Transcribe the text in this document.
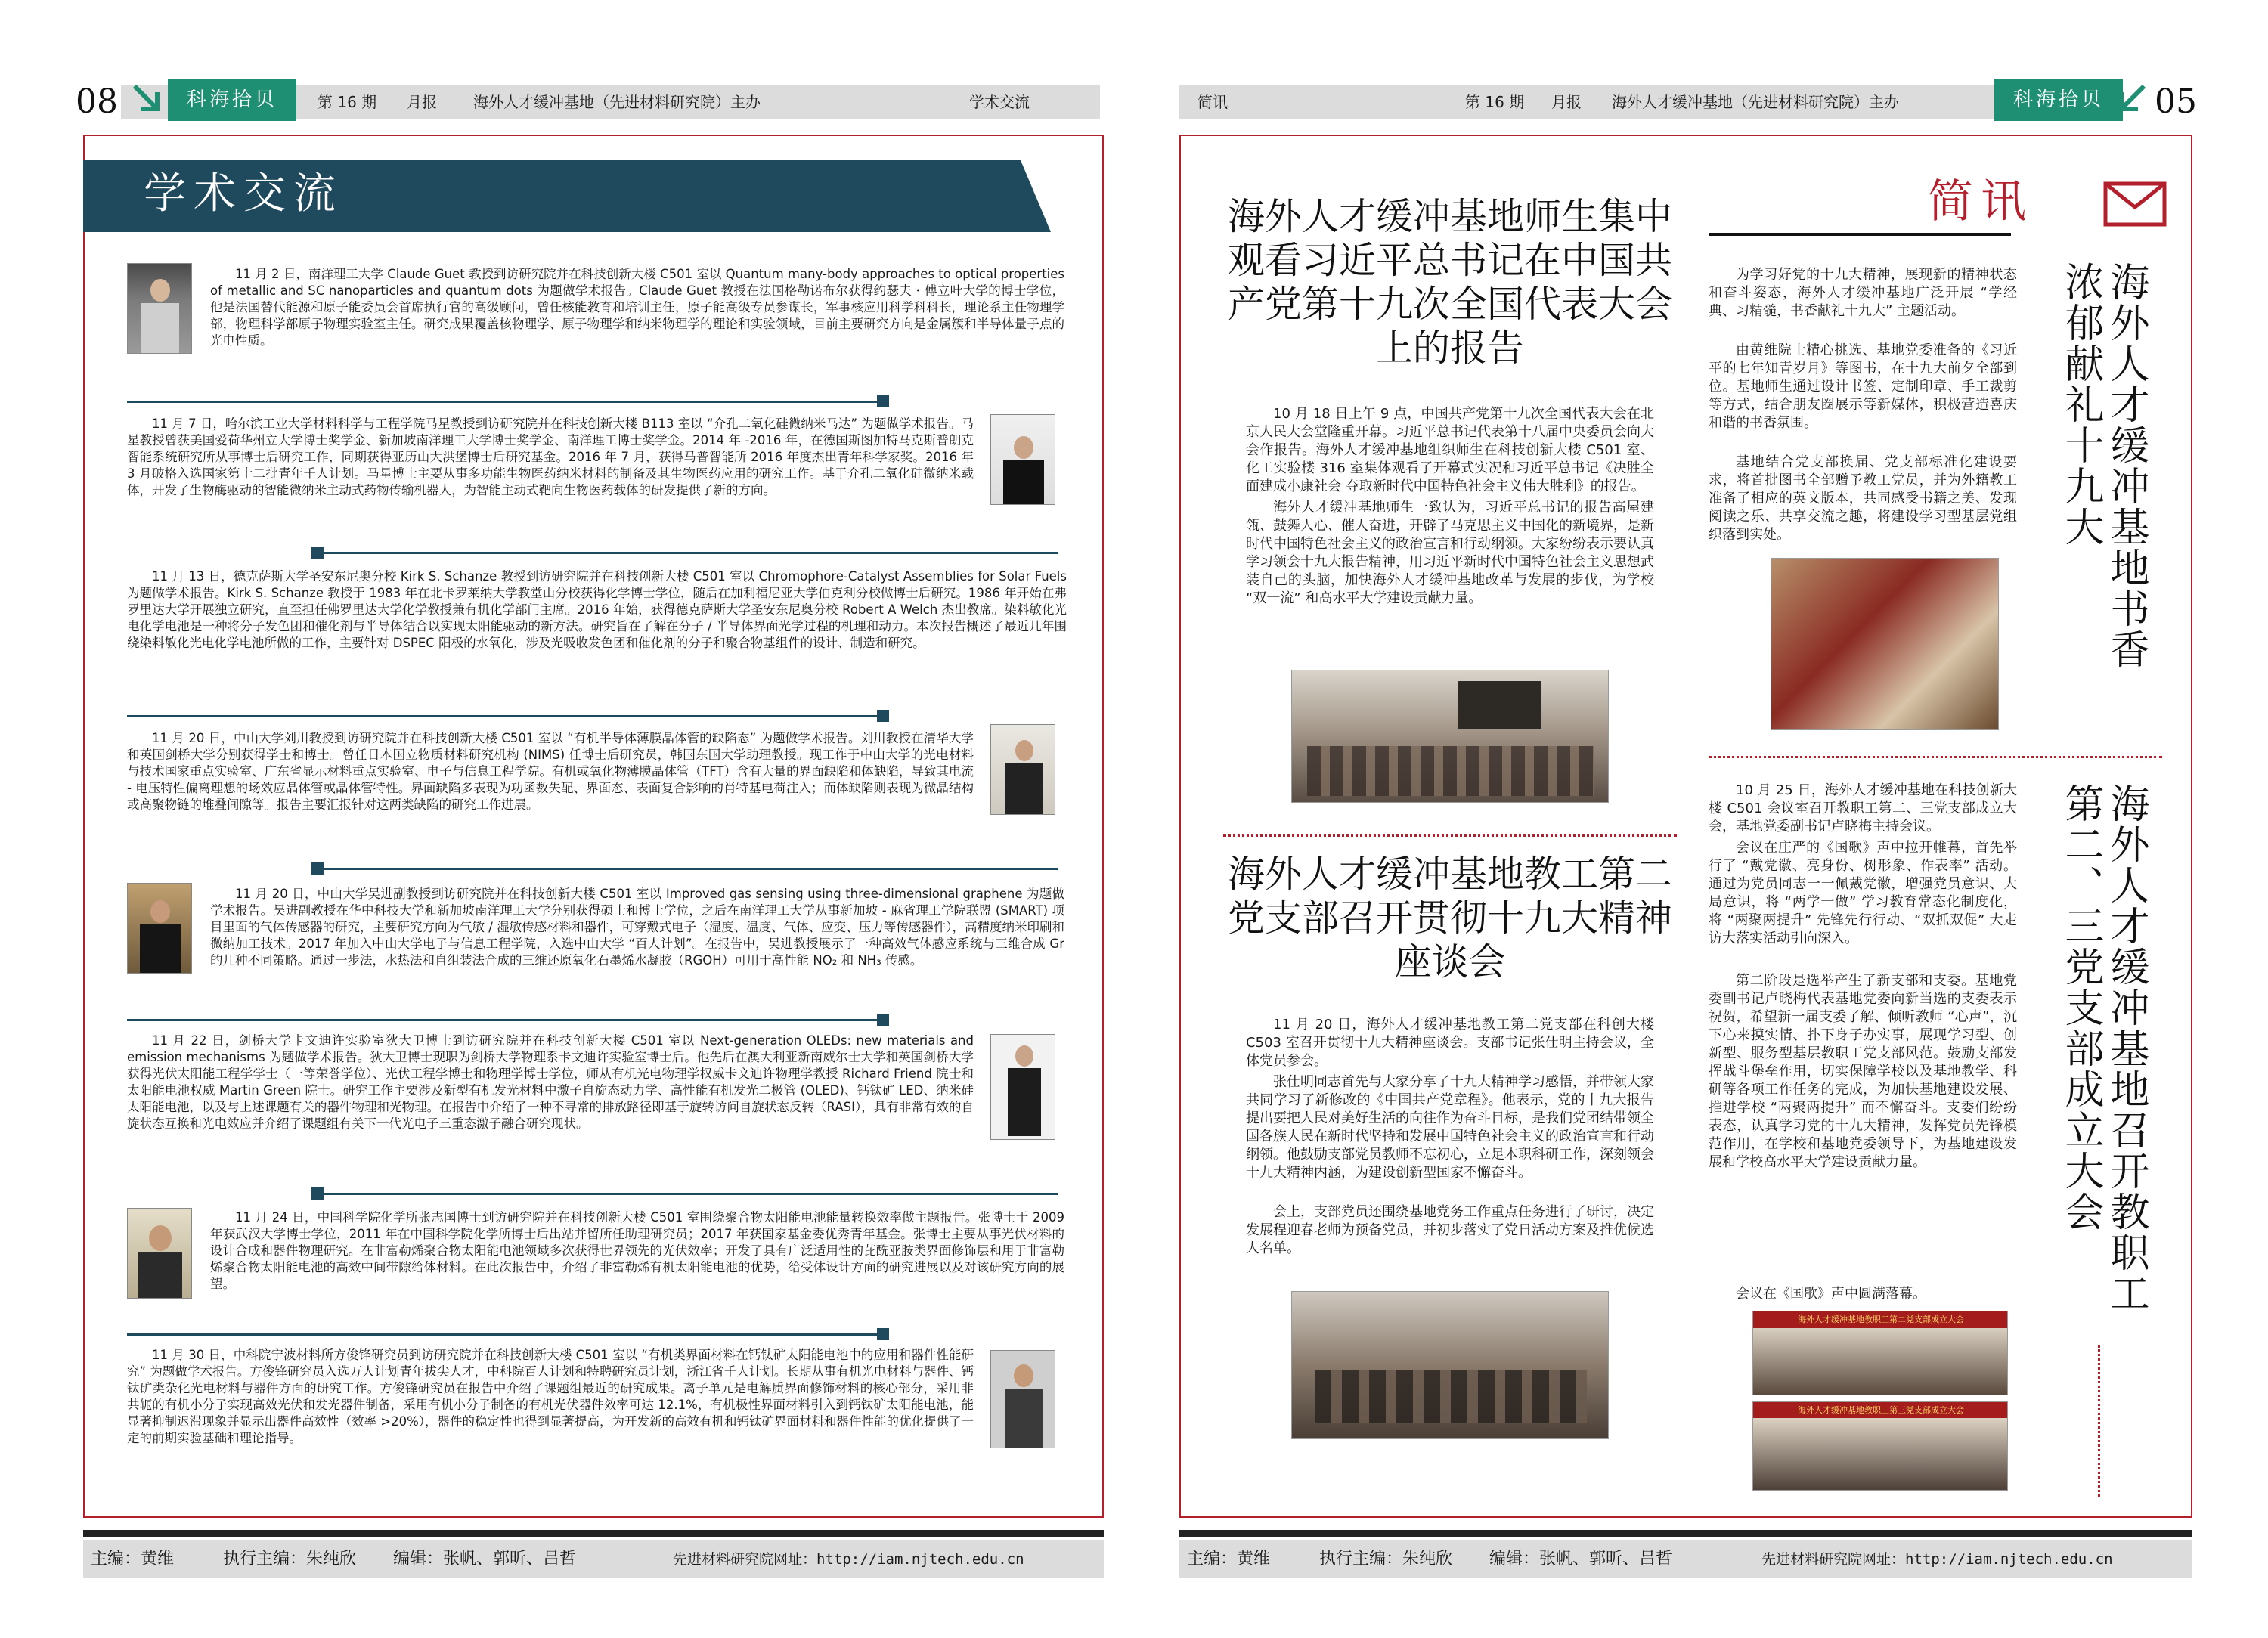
第 16 期 月报 海外人才缓冲基地（先进材料研究院）主办	学术交流
08	科海拾贝
学术交流
11 月 2 日，南洋理工大学 Claude Guet 教授到访研究院并在科技创新大楼 C501 室以 Quantum many-body approaches to optical properties of metallic and SC nanoparticles and quantum dots 为题做学术报告。Claude Guet 教授在法国格勒诺布尔获得约瑟夫・傅立叶大学的博士学位，他是法国替代能源和原子能委员会首席执行官的高级顾问，曾任核能教育和培训主任，原子能高级专员参谋长，军事核应用科学科科长，理论系主任物理学部，物理科学部原子物理实验室主任。研究成果覆盖核物理学、原子物理学和纳米物理学的理论和实验领域，目前主要研究方向是金属簇和半导体量子点的光电性质。
11 月 7 日，哈尔滨工业大学材料科学与工程学院马星教授到访研究院并在科技创新大楼 B113 室以 “介孔二氧化硅微纳米马达” 为题做学术报告。马星教授曾获美国爱荷华州立大学博士奖学金、新加坡南洋理工大学博士奖学金、南洋理工博士奖学金。2014 年 -2016 年，在德国斯图加特马克斯普朗克智能系统研究所从事博士后研究工作，同期获得亚历山大洪堡博士后研究基金。2016 年 7 月，获得马普智能所 2016 年度杰出青年科学家奖。2016 年 3 月破格入选国家第十二批青年千人计划。马星博士主要从事多功能生物医药纳米材料的制备及其生物医药应用的研究工作。基于介孔二氧化硅微纳米载体，开发了生物酶驱动的智能微纳米主动式药物传输机器人，为智能主动式靶向生物医药载体的研发提供了新的方向。
11 月 13 日，德克萨斯大学圣安东尼奥分校 Kirk S. Schanze 教授到访研究院并在科技创新大楼 C501 室以 Chromophore-Catalyst Assemblies for Solar Fuels 为题做学术报告。Kirk S. Schanze 教授于 1983 年在北卡罗莱纳大学教堂山分校获得化学博士学位，随后在加利福尼亚大学伯克利分校做博士后研究。1986 年开始在弗罗里达大学开展独立研究，直至担任佛罗里达大学化学教授兼有机化学部门主席。2016 年始，获得德克萨斯大学圣安东尼奥分校 Robert A Welch 杰出教席。染料敏化光电化学电池是一种将分子发色团和催化剂与半导体结合以实现太阳能驱动的新方法。研究旨在了解在分子 / 半导体界面光学过程的机理和动力。本次报告概述了最近几年围绕染料敏化光电化学电池所做的工作，主要针对 DSPEC 阳极的水氧化，涉及光吸收发色团和催化剂的分子和聚合物基组件的设计、制造和研究。
11 月 20 日，中山大学刘川教授到访研究院并在科技创新大楼 C501 室以 “有机半导体薄膜晶体管的缺陷态” 为题做学术报告。刘川教授在清华大学和英国剑桥大学分别获得学士和博士。曾任日本国立物质材料研究机构 (NIMS) 任博士后研究员，韩国东国大学助理教授。现工作于中山大学的光电材料与技术国家重点实验室、广东省显示材料重点实验室、电子与信息工程学院。有机或氧化物薄膜晶体管（TFT）含有大量的界面缺陷和体缺陷，导致其电流 - 电压特性偏离理想的场效应晶体管或晶体管特性。界面缺陷多表现为功函数失配、界面态、表面复合影响的肖特基电荷注入；而体缺陷则表现为微晶结构或高聚物链的堆叠间隙等。报告主要汇报针对这两类缺陷的研究工作进展。
11 月 20 日，中山大学吴进副教授到访研究院并在科技创新大楼 C501 室以 Improved gas sensing using three-dimensional graphene 为题做学术报告。吴进副教授在华中科技大学和新加坡南洋理工大学分别获得硕士和博士学位，之后在南洋理工大学从事新加坡 - 麻省理工学院联盟 (SMART) 项目里面的气体传感器的研究，主要研究方向为气敏 / 湿敏传感材料和器件，可穿戴式电子（湿度、温度、气体、应变、压力等传感器件），高精度纳米印刷和微纳加工技术。2017 年加入中山大学电子与信息工程学院，入选中山大学 “百人计划”。在报告中，吴进教授展示了一种高效气体感应系统与三维合成 Gr 的几种不同策略。通过一步法，水热法和自组装法合成的三维还原氧化石墨烯水凝胶（RGOH）可用于高性能 NO₂ 和 NH₃ 传感。
11 月 22 日，剑桥大学卡文迪许实验室狄大卫博士到访研究院并在科技创新大楼 C501 室以 Next-generation OLEDs: new materials and emission mechanisms 为题做学术报告。狄大卫博士现职为剑桥大学物理系卡文迪许实验室博士后。他先后在澳大利亚新南威尔士大学和英国剑桥大学获得光伏太阳能工程学学士（一等荣誉学位）、光伏工程学博士和物理学博士学位，师从有机光电物理学权威卡文迪许物理学教授 Richard Friend 院士和太阳能电池权威 Martin Green 院士。研究工作主要涉及新型有机发光材料中激子自旋态动力学、高性能有机发光二极管 (OLED)、钙钛矿 LED、纳米硅太阳能电池，以及与上述课题有关的器件物理和光物理。在报告中介绍了一种不寻常的排放路径即基于旋转访问自旋状态反转（RASI），具有非常有效的自旋状态互换和光电效应并介绍了课题组有关下一代光电子三重态激子融合研究现状。
11 月 24 日，中国科学院化学所张志国博士到访研究院并在科技创新大楼 C501 室围绕聚合物太阳能电池能量转换效率做主题报告。张博士于 2009 年获武汉大学博士学位，2011 年在中国科学院化学所博士后出站并留所任助理研究员；2017 年获国家基金委优秀青年基金。张博士主要从事光伏材料的设计合成和器件物理研究。在非富勒烯聚合物太阳能电池领域多次获得世界领先的光伏效率；开发了具有广泛适用性的芘酰亚胺类界面修饰层和用于非富勒烯聚合物太阳能电池的高效中间带隙给体材料。在此次报告中，介绍了非富勒烯有机太阳能电池的优势，给受体设计方面的研究进展以及对该研究方向的展望。
11 月 30 日，中科院宁波材料所方俊锋研究员到访研究院并在科技创新大楼 C501 室以 “有机类界面材料在钙钛矿太阳能电池中的应用和器件性能研究” 为题做学术报告。方俊锋研究员入选万人计划青年拔尖人才，中科院百人计划和特聘研究员计划，浙江省千人计划。长期从事有机光电材料与器件、钙钛矿类杂化光电材料与器件方面的研究工作。方俊锋研究员在报告中介绍了课题组最近的研究成果。离子单元是电解质界面修饰材料的核心部分，采用非共轭的有机小分子实现高效光伏和发光器件制备，采用有机小分子制备的有机光伏器件效率可达 12.1%，有机极性界面材料引入到钙钛矿太阳能电池，能显著抑制迟滞现象并显示出器件高效性（效率 >20%），器件的稳定性也得到显著提高，为开发新的高效有机和钙钛矿界面材料和器件性能的优化提供了一定的前期实验基础和理论指导。
主编：黄维	执行主编：朱纯欣 编辑：张帆、郭昕、吕哲	先进材料研究院网址：http://iam.njtech.edu.cn
简讯	第 16 期 月报 海外人才缓冲基地（先进材料研究院）主办	科海拾贝	05
海外人才缓冲基地师生集中观看习近平总书记在中国共产党第十九次全国代表大会上的报告
10 月 18 日上午 9 点，中国共产党第十九次全国代表大会在北京人民大会堂隆重开幕。习近平总书记代表第十八届中央委员会向大会作报告。海外人才缓冲基地组织师生在科技创新大楼 C501 室、化工实验楼 316 室集体观看了开幕式实况和习近平总书记《决胜全面建成小康社会 夺取新时代中国特色社会主义伟大胜利》的报告。
海外人才缓冲基地师生一致认为，习近平总书记的报告高屋建瓴、鼓舞人心、催人奋进，开辟了马克思主义中国化的新境界，是新时代中国特色社会主义的政治宣言和行动纲领。大家纷纷表示要认真学习领会十九大报告精神，用习近平新时代中国特色社会主义思想武装自己的头脑，加快海外人才缓冲基地改革与发展的步伐，为学校 “双一流” 和高水平大学建设贡献力量。
海外人才缓冲基地教工第二党支部召开贯彻十九大精神座谈会
11 月 20 日，海外人才缓冲基地教工第二党支部在科创大楼 C503 室召开贯彻十九大精神座谈会。支部书记张仕明主持会议，全体党员参会。
张仕明同志首先与大家分享了十九大精神学习感悟，并带领大家共同学习了新修改的《中国共产党章程》。他表示，党的十九大报告提出要把人民对美好生活的向往作为奋斗目标，是我们党团结带领全国各族人民在新时代坚持和发展中国特色社会主义的政治宣言和行动纲领。他鼓励支部党员教师不忘初心，立足本职科研工作，深刻领会十九大精神内涵，为建设创新型国家不懈奋斗。
会上，支部党员还围绕基地党务工作重点任务进行了研讨，决定发展程迎春老师为预备党员，并初步落实了党日活动方案及推优候选人名单。
简讯
为学习好党的十九大精神，展现新的精神状态和奋斗姿态，海外人才缓冲基地广泛开展 “学经典、习精髓，书香献礼十九大” 主题活动。
由黄维院士精心挑选、基地党委准备的《习近平的七年知青岁月》等图书，在十九大前夕全部到位。基地师生通过设计书签、定制印章、手工裁剪等方式，结合朋友圈展示等新媒体，积极营造喜庆和谐的书香氛围。
基地结合党支部换届、党支部标准化建设要求，将首批图书全部赠予教工党员，并为外籍教工准备了相应的英文版本，共同感受书籍之美、发现阅读之乐、共享交流之趣，将建设学习型基层党组织落到实处。	海外人才缓冲基地书香浓郁献礼十九大
10 月 25 日，海外人才缓冲基地在科技创新大楼 C501 会议室召开教职工第二、三党支部成立大会，基地党委副书记卢晓梅主持会议。
会议在庄严的《国歌》声中拉开帷幕，首先举行了 “戴党徽、亮身份、树形象、作表率” 活动。通过为党员同志一一佩戴党徽，增强党员意识、大局意识，将 “两学一做” 学习教育常态化制度化，将 “两聚两提升” 先锋先行行动、“双抓双促” 大走访大落实活动引向深入。
第二阶段是选举产生了新支部和支委。基地党委副书记卢晓梅代表基地党委向新当选的支委表示祝贺，希望新一届支委了解、倾听教师 “心声”，沉下心来摸实情、扑下身子办实事，展现学习型、创新型、服务型基层教职工党支部风范。鼓励支部发挥战斗堡垒作用，切实保障学校以及基地教学、科研等各项工作任务的完成，为加快基地建设发展、推进学校 “两聚两提升” 而不懈奋斗。支委们纷纷表态，认真学习党的十九大精神，发挥党员先锋模范作用，在学校和基地党委领导下，为基地建设发展和学校高水平大学建设贡献力量。
会议在《国歌》声中圆满落幕。	海外人才缓冲基地召开教职工第二、三党支部成立大会
海外人才缓冲基地教职工第二党支部成立大会
海外人才缓冲基地教职工第三党支部成立大会
主编：黄维	执行主编：朱纯欣 编辑：张帆、郭昕、吕哲	先进材料研究院网址：http://iam.njtech.edu.cn
